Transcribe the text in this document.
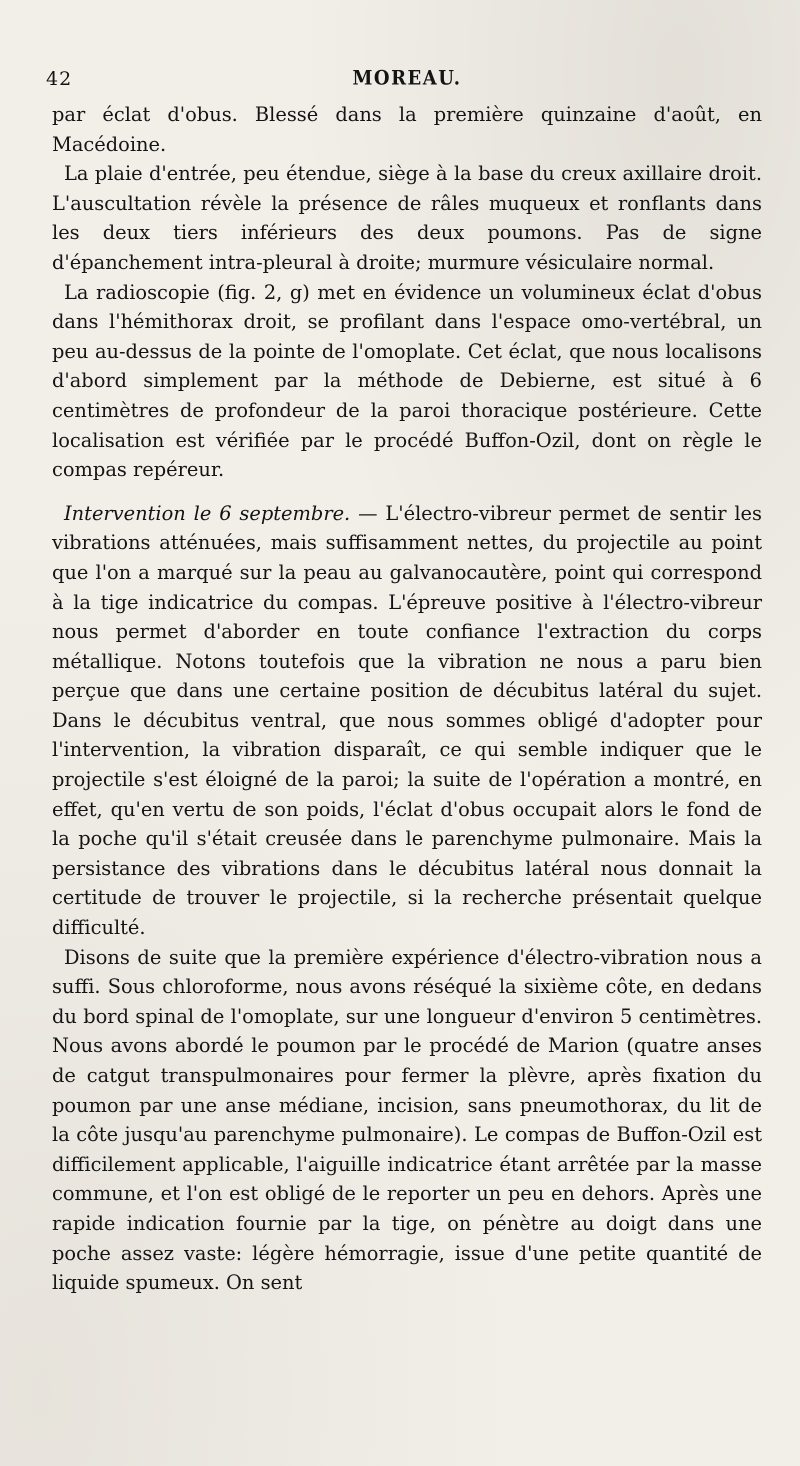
42	MOREAU.

par éclat d'obus. Blessé dans la première quinzaine d'août, en Macédoine.

La plaie d'entrée, peu étendue, siège à la base du creux axillaire droit. L'auscultation révèle la présence de râles muqueux et ronflants dans les deux tiers inférieurs des deux poumons. Pas de signe d'épanchement intra-pleural à droite; murmure vésiculaire normal.

La radioscopie (fig. 2, g) met en évidence un volumineux éclat d'obus dans l'hémithorax droit, se profilant dans l'espace omo-vertébral, un peu au-dessus de la pointe de l'omoplate. Cet éclat, que nous localisons d'abord simplement par la méthode de Debierne, est situé à 6 centimètres de profondeur de la paroi thoracique postérieure. Cette localisation est vérifiée par le procédé Buffon-Ozil, dont on règle le compas repéreur.

Intervention le 6 septembre. — L'électro-vibreur permet de sentir les vibrations atténuées, mais suffisamment nettes, du projectile au point que l'on a marqué sur la peau au galvanocautère, point qui correspond à la tige indicatrice du compas. L'épreuve positive à l'électro-vibreur nous permet d'aborder en toute confiance l'extraction du corps métallique. Notons toutefois que la vibration ne nous a paru bien perçue que dans une certaine position de décubitus latéral du sujet. Dans le décubitus ventral, que nous sommes obligé d'adopter pour l'intervention, la vibration disparaît, ce qui semble indiquer que le projectile s'est éloigné de la paroi; la suite de l'opération a montré, en effet, qu'en vertu de son poids, l'éclat d'obus occupait alors le fond de la poche qu'il s'était creusée dans le parenchyme pulmonaire. Mais la persistance des vibrations dans le décubitus latéral nous donnait la certitude de trouver le projectile, si la recherche présentait quelque difficulté.

Disons de suite que la première expérience d'électro-vibration nous a suffi. Sous chloroforme, nous avons réséqué la sixième côte, en dedans du bord spinal de l'omoplate, sur une longueur d'environ 5 centimètres. Nous avons abordé le poumon par le procédé de Marion (quatre anses de catgut transpulmonaires pour fermer la plèvre, après fixation du poumon par une anse médiane, incision, sans pneumothorax, du lit de la côte jusqu'au parenchyme pulmonaire). Le compas de Buffon-Ozil est difficilement applicable, l'aiguille indicatrice étant arrêtée par la masse commune, et l'on est obligé de le reporter un peu en dehors. Après une rapide indication fournie par la tige, on pénètre au doigt dans une poche assez vaste: légère hémorragie, issue d'une petite quantité de liquide spumeux. On sent
